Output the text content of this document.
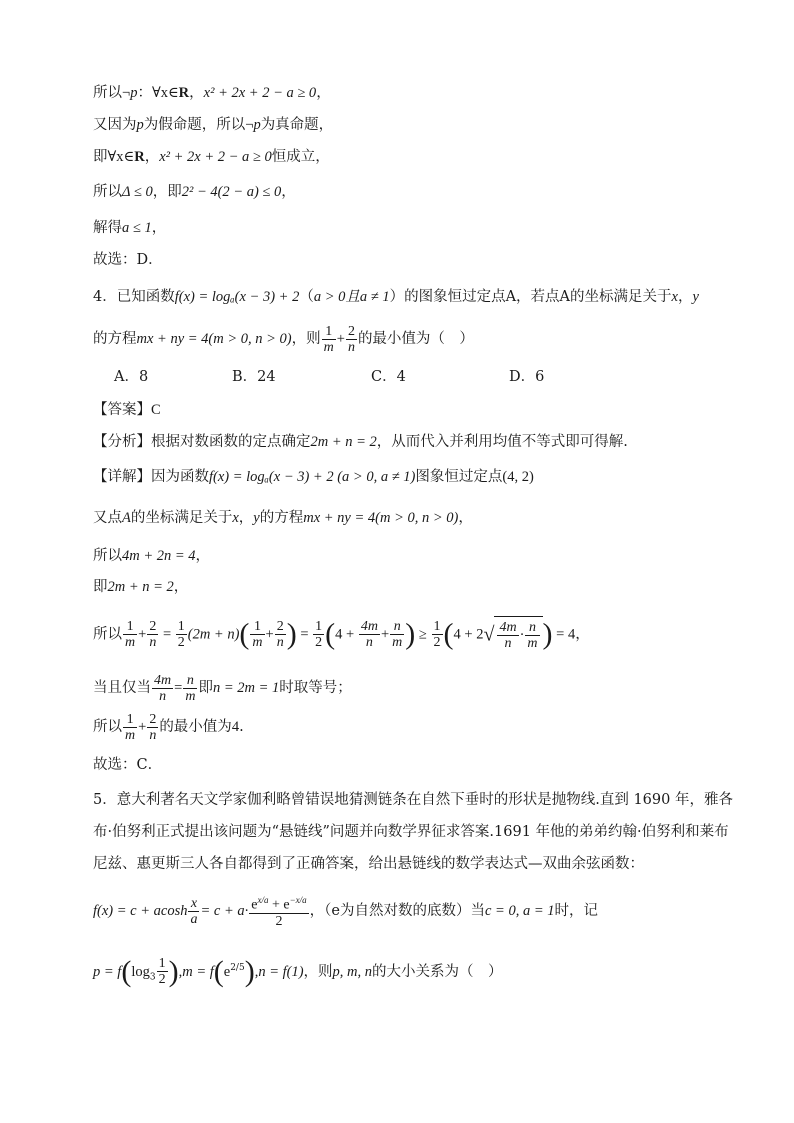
所以¬p：∀x∈R，x² + 2x + 2 − a ≥ 0，
又因为p为假命题，所以¬p为真命题，
即∀x∈R，x² + 2x + 2 − a ≥ 0恒成立，
所以Δ ≤ 0，即2² − 4(2 − a) ≤ 0，
解得a ≤ 1，
故选：D．
4．已知函数f(x) = logₐ(x − 3) + 2（a > 0且a ≠ 1）的图象恒过定点A，若点A的坐标满足关于x，y
的方程mx + ny = 4(m > 0, n > 0)，则 $\frac{1}{m} + \frac{2}{n}$ 的最小值为（　）
A．8	B．24	C．4	D．6
【答案】C
【分析】根据对数函数的定点确定2m + n = 2，从而代入并利用均值不等式即可得解.
【详解】因为函数f(x) = logₐ(x − 3) + 2 (a > 0, a ≠ 1)图象恒过定点(4, 2)
又点A的坐标满足关于x，y的方程mx + ny = 4(m > 0, n > 0)，
所以4m + 2n = 4，
即2m + n = 2，
所以 $\frac{1}{m} + \frac{2}{n} = \frac{1}{2} (2m + n)( \frac{1}{m} + \frac{2}{n}$ ) = $\frac{1}{2} (4 + \frac{4m}{n} + \frac{n}{m}$ ) ≥ $\frac{1}{2} (4 + 2√ \frac{4m}{n} \cdot \frac{n}{m}$ ) = 4，
当且仅当 $\frac{4m}{n} = \frac{n}{m}$ 即n = 2m = 1时取等号；
所以 $\frac{1}{m} + \frac{2}{n}$ 的最小值为4.
故选：C．
5．意大利著名天文学家伽利略曾错误地猜测链条在自然下垂时的形状是抛物线.直到 1690 年，雅各
布·伯努利正式提出该问题为“悬链线”问题并向数学界征求答案.1691 年他的弟弟约翰·伯努利和莱布
尼兹、惠更斯三人各自都得到了正确答案，给出悬链线的数学表达式—双曲余弦函数：
f(x) = c + acosh $\frac{x}{a} = c + a\cdot \frac{e^{x/a} + e^{-x/a}}{2}$ ，（e为自然对数的底数）当c = 0, a = 1时，记
$p = f(\log_3 \frac{1}{2} ),m = f(e^{2/5}),n = f(1)$，则p, m, n的大小关系为（　）
